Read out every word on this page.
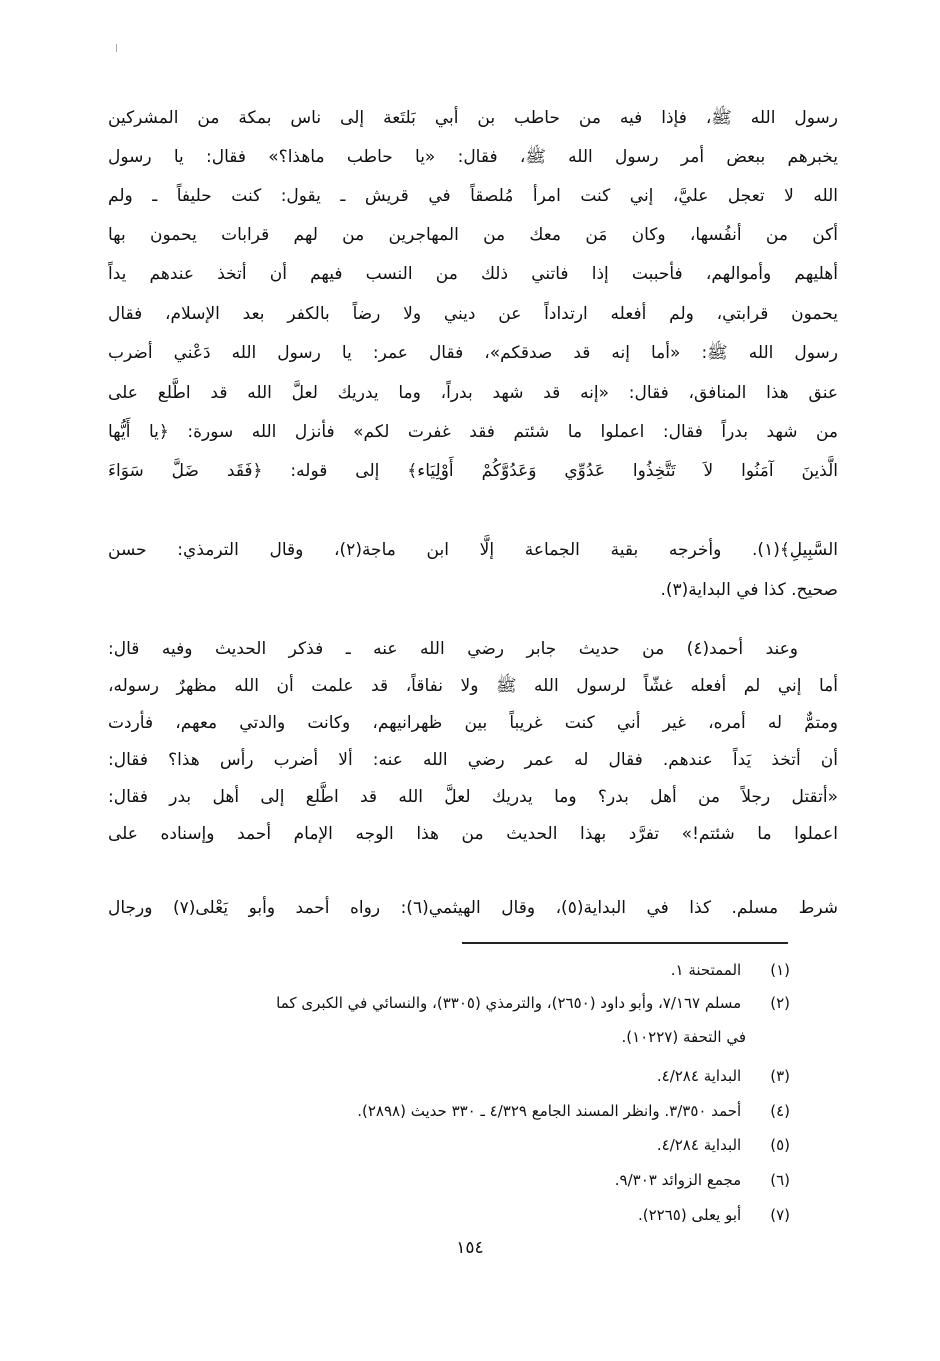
رسول الله ﷺ، فإذا فيه من حاطب بن أبي بَلتَعة إلى ناس بمكة من المشركين
يخبرهم ببعض أمر رسول الله ﷺ، فقال: «يا حاطب ماهذا؟» فقال: يا رسول
الله لا تعجل عليَّ، إني كنت امرأ مُلصقاً في قريش ـ يقول: كنت حليفاً ـ ولم
أكن من أنفُسها، وكان مَن معك من المهاجرين من لهم قرابات يحمون بها
أهليهم وأموالهم، فأحببت إذا فاتني ذلك من النسب فيهم أن أتخذ عندهم يداً
يحمون قرابتي، ولم أفعله ارتداداً عن ديني ولا رضاً بالكفر بعد الإسلام، فقال
رسول الله ﷺ: «أما إنه قد صدقكم»، فقال عمر: يا رسول الله دَعْني أضرب
عنق هذا المنافق، فقال: «إنه قد شهد بدراً، وما يدريك لعلَّ الله قد اطَّلع على
من شهد بدراً فقال: اعملوا ما شئتم فقد غفرت لكم» فأنزل الله سورة: ﴿يا أَيُّها
الَّذينَ آمَنُوا لاَ تَتَّخِذُوا عَدُوِّي وَعَدُوَّكُمْ أَوْلِيَاء﴾ إلى قوله: ﴿فَقَد ضَلَّ سَوَاءَ
السَّبِيلِ﴾(١). وأخرجه بقية الجماعة إلَّا ابن ماجة(٢)، وقال الترمذي: حسن
صحيح. كذا في البداية(٣).
وعند أحمد(٤) من حديث جابر رضي الله عنه ـ فذكر الحديث وفيه قال:
أما إني لم أفعله غشّاً لرسول الله ﷺ ولا نفاقاً، قد علمت أن الله مظهرٌ رسوله،
ومتمٌّ له أمره، غير أني كنت غريباً بين ظهرانيهم، وكانت والدتي معهم، فأردت
أن أتخذ يَداً عندهم. فقال له عمر رضي الله عنه: ألا أضرب رأس هذا؟ فقال:
«أتقتل رجلاً من أهل بدر؟ وما يدريك لعلَّ الله قد اطَّلع إلى أهل بدر فقال:
اعملوا ما شئتم!» تفرَّد بهذا الحديث من هذا الوجه الإمام أحمد وإسناده على
شرط مسلم. كذا في البداية(٥)، وقال الهيثمي(٦): رواه أحمد وأبو يَعْلى(٧) ورجال
(١) الممتحنة ١.
(٢) مسلم ٧/١٦٧، وأبو داود (٢٦٥٠)، والترمذي (٣٣٠٥)، والنسائي في الكبرى كما
في التحفة (١٠٢٢٧).
(٣) البداية ٤/٢٨٤.
(٤) أحمد ٣/٣٥٠. وانظر المسند الجامع ٤/٣٢٩ ـ ٣٣٠ حديث (٢٨٩٨).
(٥) البداية ٤/٢٨٤.
(٦) مجمع الزوائد ٩/٣٠٣.
(٧) أبو يعلى (٢٢٦٥).
١٥٤
